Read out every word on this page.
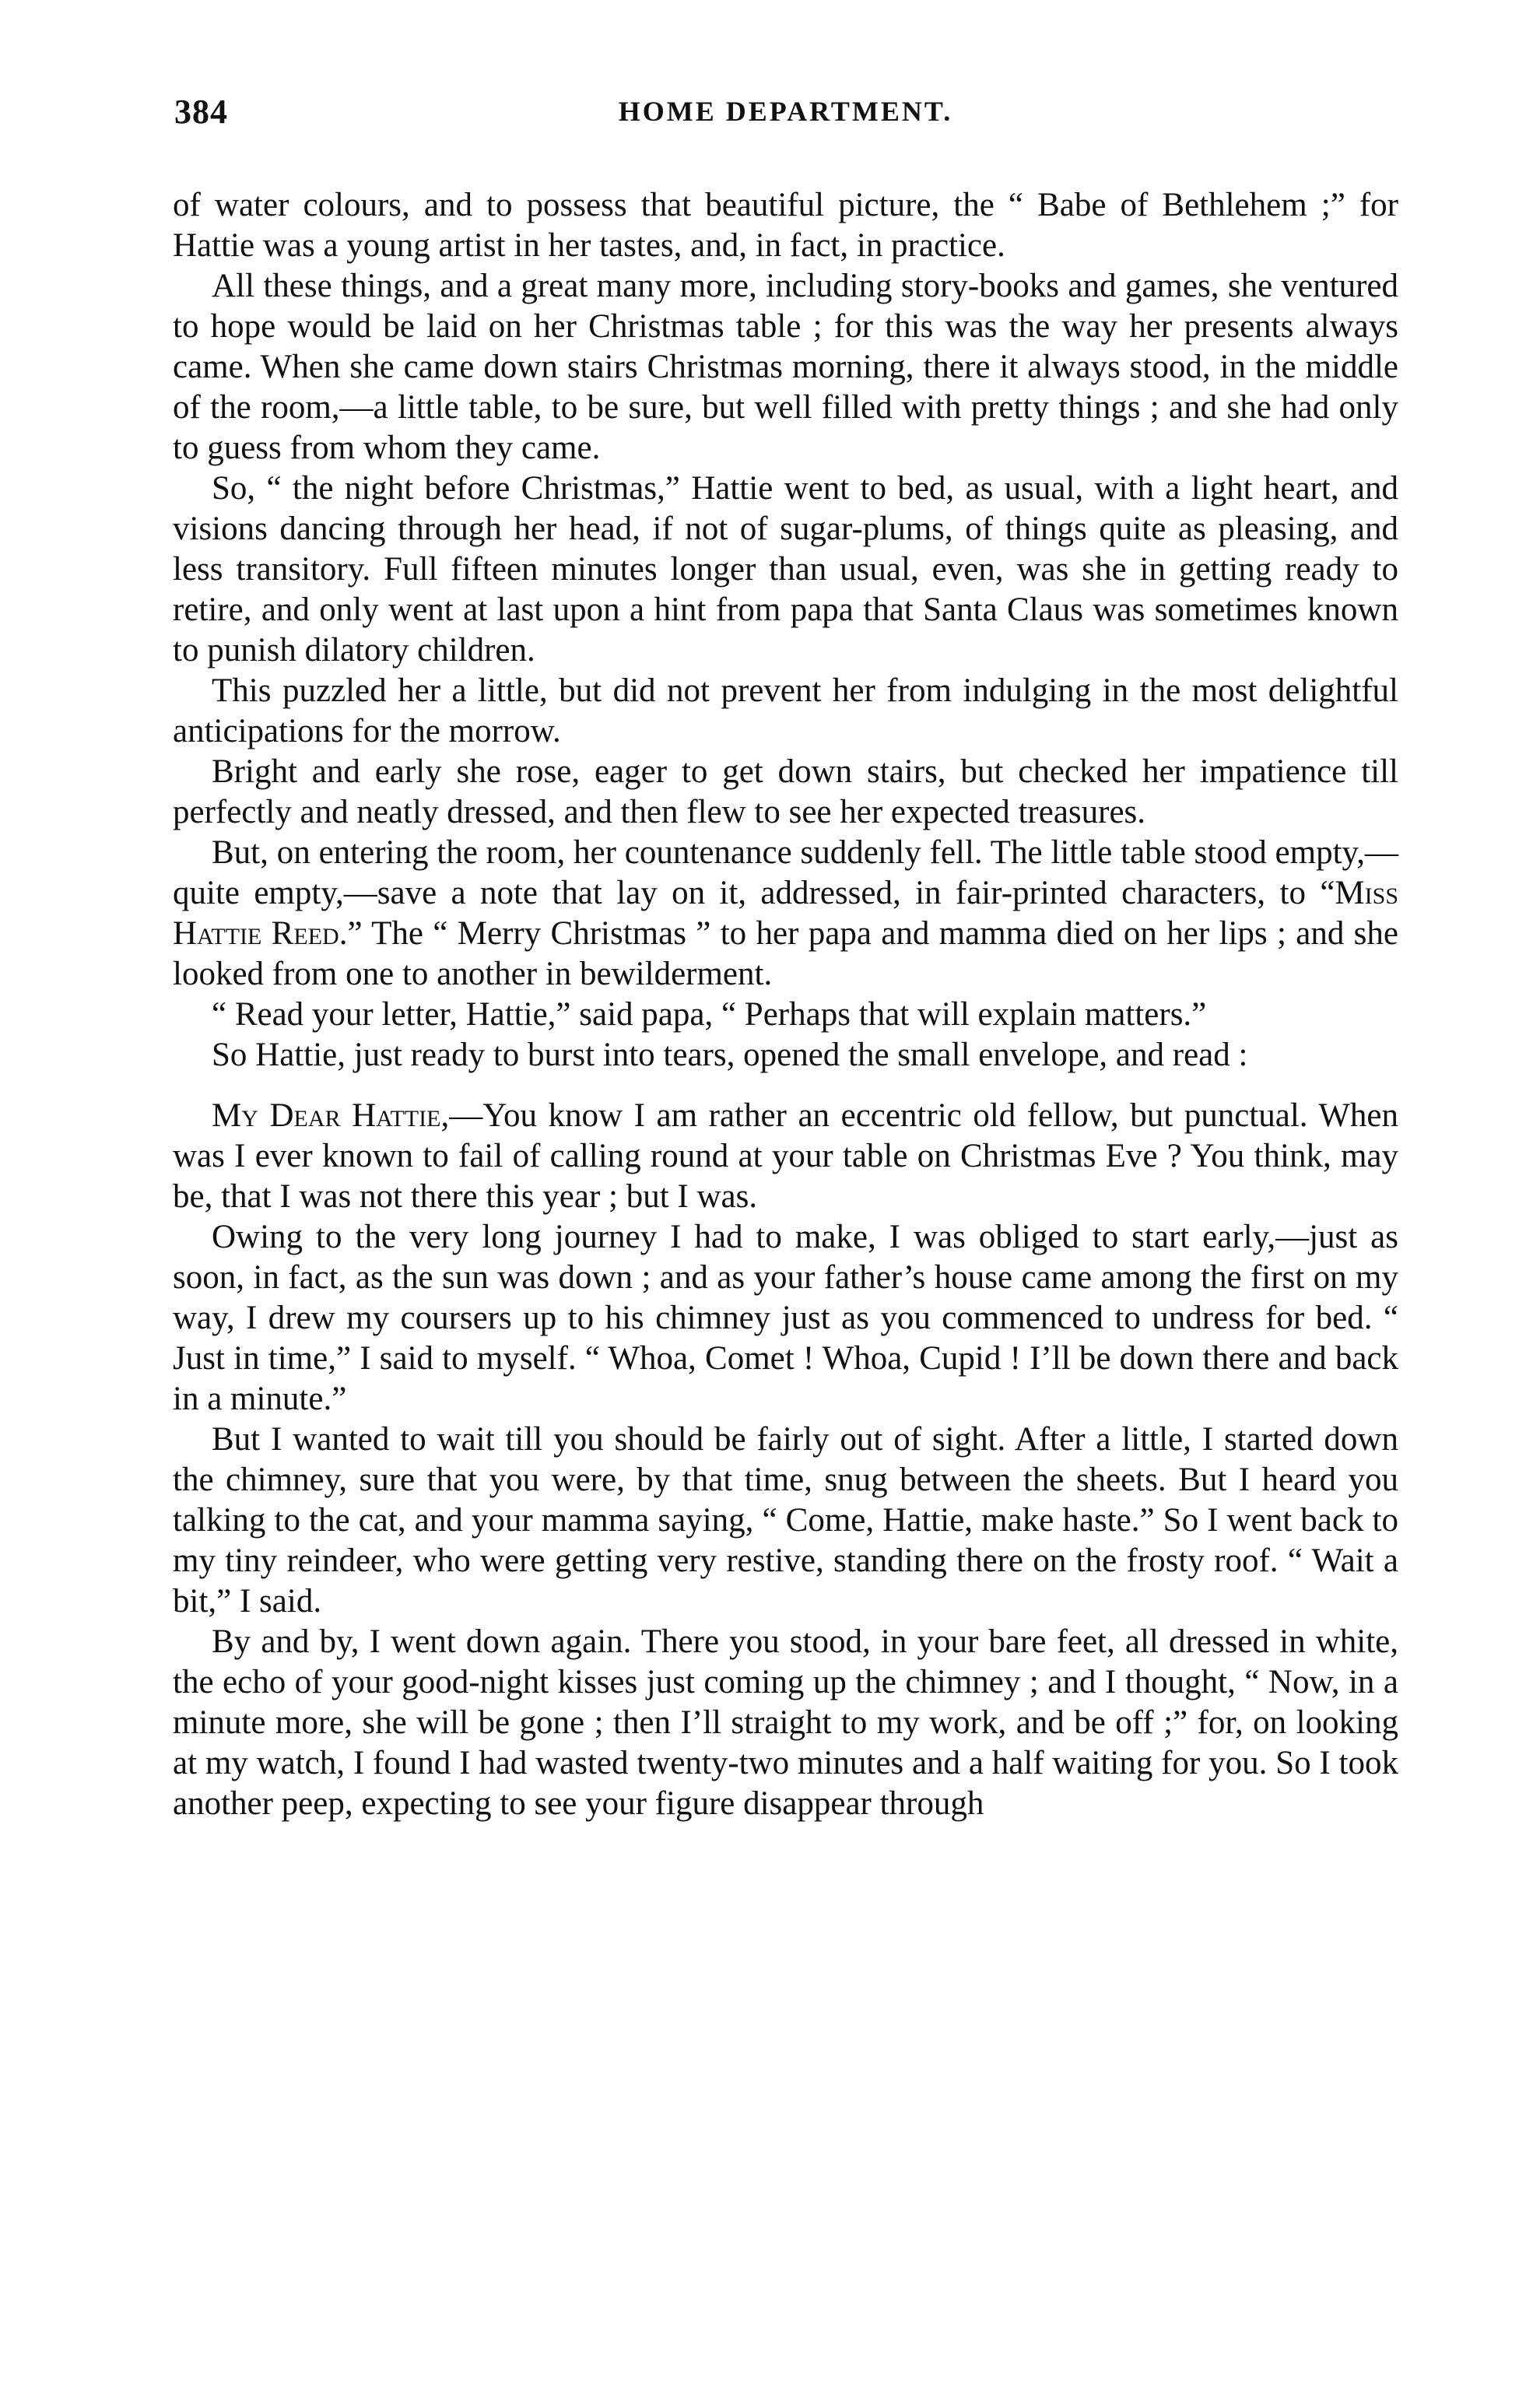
384	HOME DEPARTMENT.

of water colours, and to possess that beautiful picture, the “ Babe of Bethlehem ;” for Hattie was a young artist in her tastes, and, in fact, in practice.

All these things, and a great many more, including story-books and games, she ventured to hope would be laid on her Christmas table ; for this was the way her presents always came. When she came down stairs Christmas morning, there it always stood, in the middle of the room,—a little table, to be sure, but well filled with pretty things ; and she had only to guess from whom they came.

So, “ the night before Christmas,” Hattie went to bed, as usual, with a light heart, and visions dancing through her head, if not of sugar-plums, of things quite as pleasing, and less transitory. Full fifteen minutes longer than usual, even, was she in getting ready to retire, and only went at last upon a hint from papa that Santa Claus was sometimes known to punish dilatory children.

This puzzled her a little, but did not prevent her from indulging in the most delightful anticipations for the morrow.

Bright and early she rose, eager to get down stairs, but checked her impatience till perfectly and neatly dressed, and then flew to see her expected treasures.

But, on entering the room, her countenance suddenly fell. The little table stood empty,—quite empty,—save a note that lay on it, addressed, in fair-printed characters, to “Miss Hattie Reed.” The “ Merry Christmas ” to her papa and mamma died on her lips ; and she looked from one to another in bewilderment.

“ Read your letter, Hattie,” said papa, “ Perhaps that will explain matters.”

So Hattie, just ready to burst into tears, opened the small envelope, and read :

My Dear Hattie,—You know I am rather an eccentric old fellow, but punctual. When was I ever known to fail of calling round at your table on Christmas Eve ? You think, may be, that I was not there this year ; but I was.

Owing to the very long journey I had to make, I was obliged to start early,—just as soon, in fact, as the sun was down ; and as your father’s house came among the first on my way, I drew my coursers up to his chimney just as you commenced to undress for bed. “ Just in time,” I said to myself. “ Whoa, Comet ! Whoa, Cupid ! I’ll be down there and back in a minute.”

But I wanted to wait till you should be fairly out of sight. After a little, I started down the chimney, sure that you were, by that time, snug between the sheets. But I heard you talking to the cat, and your mamma saying, “ Come, Hattie, make haste.” So I went back to my tiny reindeer, who were getting very restive, standing there on the frosty roof. “ Wait a bit,” I said.

By and by, I went down again. There you stood, in your bare feet, all dressed in white, the echo of your good-night kisses just coming up the chimney ; and I thought, “ Now, in a minute more, she will be gone ; then I’ll straight to my work, and be off ;” for, on looking at my watch, I found I had wasted twenty-two minutes and a half waiting for you. So I took another peep, expecting to see your figure disappear through
